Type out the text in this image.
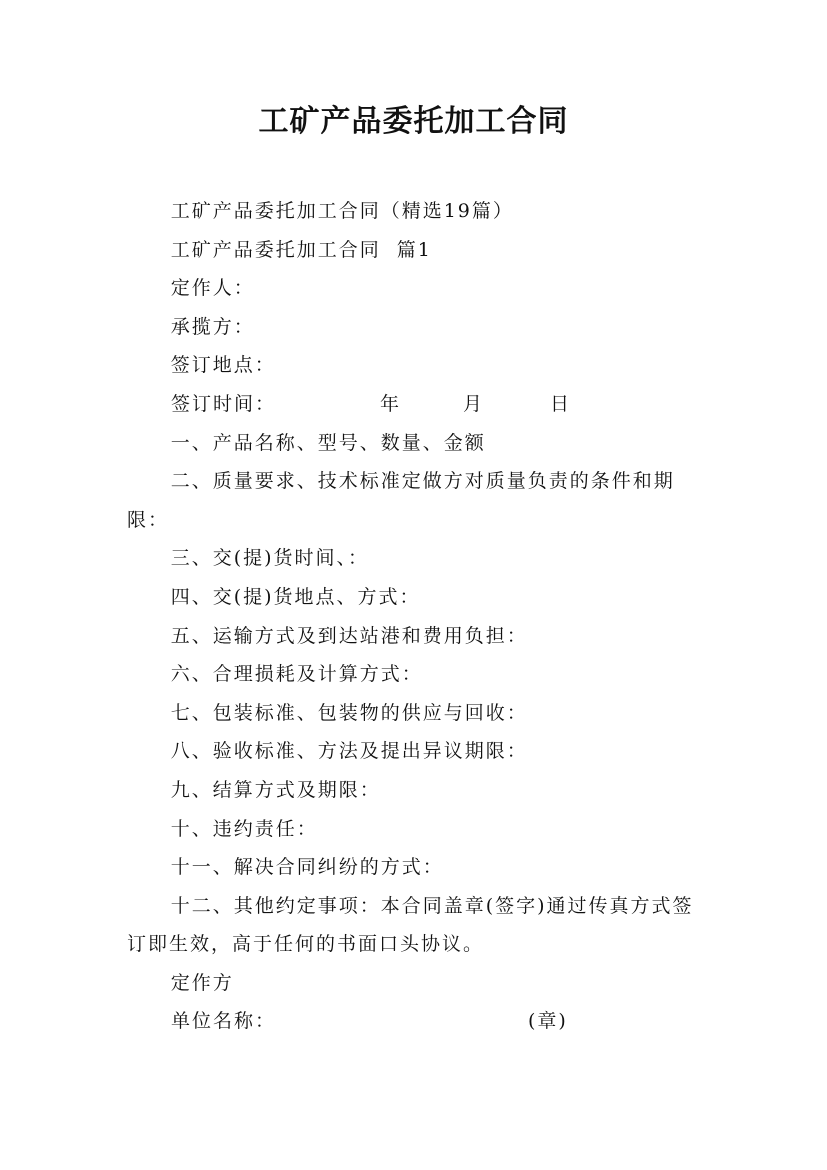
工矿产品委托加工合同

工矿产品委托加工合同（精选19篇）

工矿产品委托加工合同  篇1

定作人：

承揽方：

签订地点：

签订时间：	年	月	日

一、产品名称、型号、数量、金额

二、质量要求、技术标准定做方对质量负责的条件和期限：

三、交(提)货时间、：

四、交(提)货地点、方式：

五、运输方式及到达站港和费用负担：

六、合理损耗及计算方式：

七、包装标准、包装物的供应与回收：

八、验收标准、方法及提出异议期限：

九、结算方式及期限：

十、违约责任：

十一、解决合同纠纷的方式：

十二、其他约定事项：本合同盖章(签字)通过传真方式签订即生效，高于任何的书面口头协议。

定作方

单位名称：	(章)
